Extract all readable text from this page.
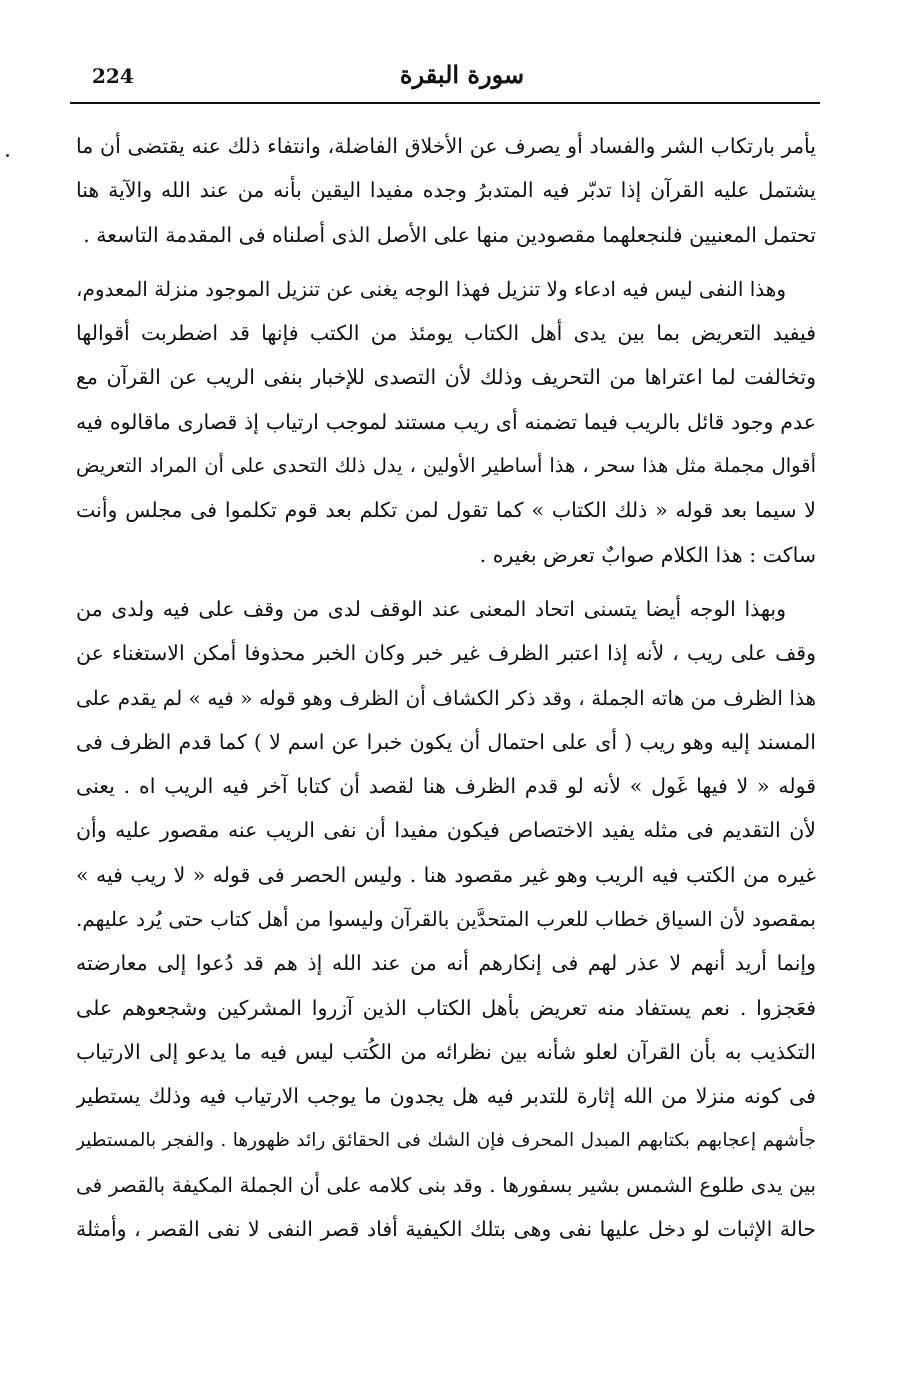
224	سورة البقرة
يأمر بارتكاب الشر والفساد أو يصرف عن الأخلاق الفاضلة، وانتفاء ذلك عنه يقتضى أن ما
يشتمل عليه القرآن إذا تدبّر فيه المتدبرُ وجده مفيدا اليقين بأنه من عند الله والآية هنا
تحتمل المعنيين فلنجعلهما مقصودين منها على الأصل الذى أصلناه فى المقدمة التاسعة .
وهذا النفى ليس فيه ادعاء ولا تنزيل فهذا الوجه يغنى عن تنزيل الموجود منزلة المعدوم،
فيفيد التعريض بما بين يدى أهل الكتاب يومئذ من الكتب فإنها قد اضطربت أقوالها
وتخالفت لما اعتراها من التحريف وذلك لأن التصدى للإخبار بنفى الريب عن القرآن مع
عدم وجود قائل بالريب فيما تضمنه أى ريب مستند لموجب ارتياب إذ قصارى ماقالوه فيه
أقوال مجملة مثل هذا سحر ، هذا أساطير الأولين ، يدل ذلك التحدى على أن المراد التعريض
لا سيما بعد قوله « ذلك الكتاب » كما تقول لمن تكلم بعد قوم تكلموا فى مجلس وأنت
ساكت : هذا الكلام صوابٌ تعرض بغيره .
وبهذا الوجه أيضا يتسنى اتحاد المعنى عند الوقف لدى من وقف على فيه ولدى من
وقف على ريب ، لأنه إذا اعتبر الظرف غير خبر وكان الخبر محذوفا أمكن الاستغناء عن
هذا الظرف من هاته الجملة ، وقد ذكر الكشاف أن الظرف وهو قوله « فيه » لم يقدم على
المسند إليه وهو ريب ( أى على احتمال أن يكون خبرا عن اسم لا ) كما قدم الظرف فى
قوله « لا فيها غَول » لأنه لو قدم الظرف هنا لقصد أن كتابا آخر فيه الريب اه . يعنى
لأن التقديم فى مثله يفيد الاختصاص فيكون مفيدا أن نفى الريب عنه مقصور عليه وأن
غيره من الكتب فيه الريب وهو غير مقصود هنا . وليس الحصر فى قوله « لا ريب فيه »
بمقصود لأن السياق خطاب للعرب المتحدَّين بالقرآن وليسوا من أهل كتاب حتى يُرد عليهم.
وإنما أريد أنهم لا عذر لهم فى إنكارهم أنه من عند الله إذ هم قد دُعوا إلى معارضته
فعَجزوا . نعم يستفاد منه تعريض بأهل الكتاب الذين آزروا المشركين وشجعوهم على
التكذيب به بأن القرآن لعلو شأنه بين نظرائه من الكُتب ليس فيه ما يدعو إلى الارتياب
فى كونه منزلا من الله إثارة للتدبر فيه هل يجدون ما يوجب الارتياب فيه وذلك يستطير
جأشهم إعجابهم بكتابهم المبدل المحرف فإن الشك فى الحقائق رائد ظهورها . والفجر بالمستطير
بين يدى طلوع الشمس بشير بسفورها . وقد بنى كلامه على أن الجملة المكيفة بالقصر فى
حالة الإثبات لو دخل عليها نفى وهى بتلك الكيفية أفاد قصر النفى لا نفى القصر ، وأمثلة
